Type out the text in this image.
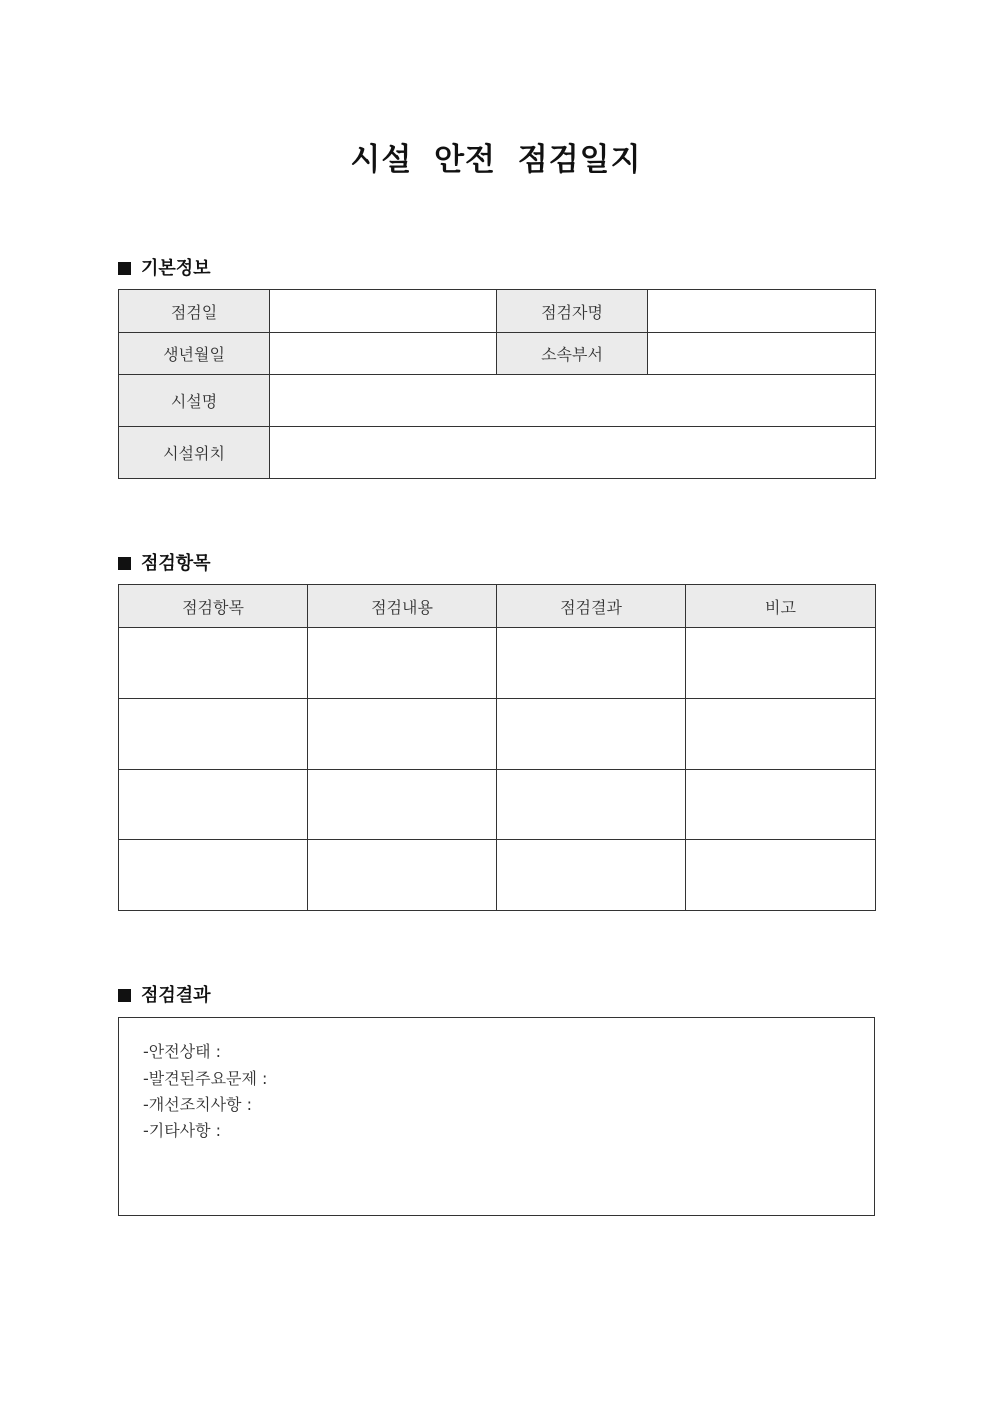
시설 안전 점검일지
기본정보
점검일		점검자명	
생년월일		소속부서	
시설명			
시설위치			
점검항목
점검항목	점검내용	점검결과	비고

점검결과
-안전상태 :
-발견된주요문제 :
-개선조치사항 :
-기타사항 :
